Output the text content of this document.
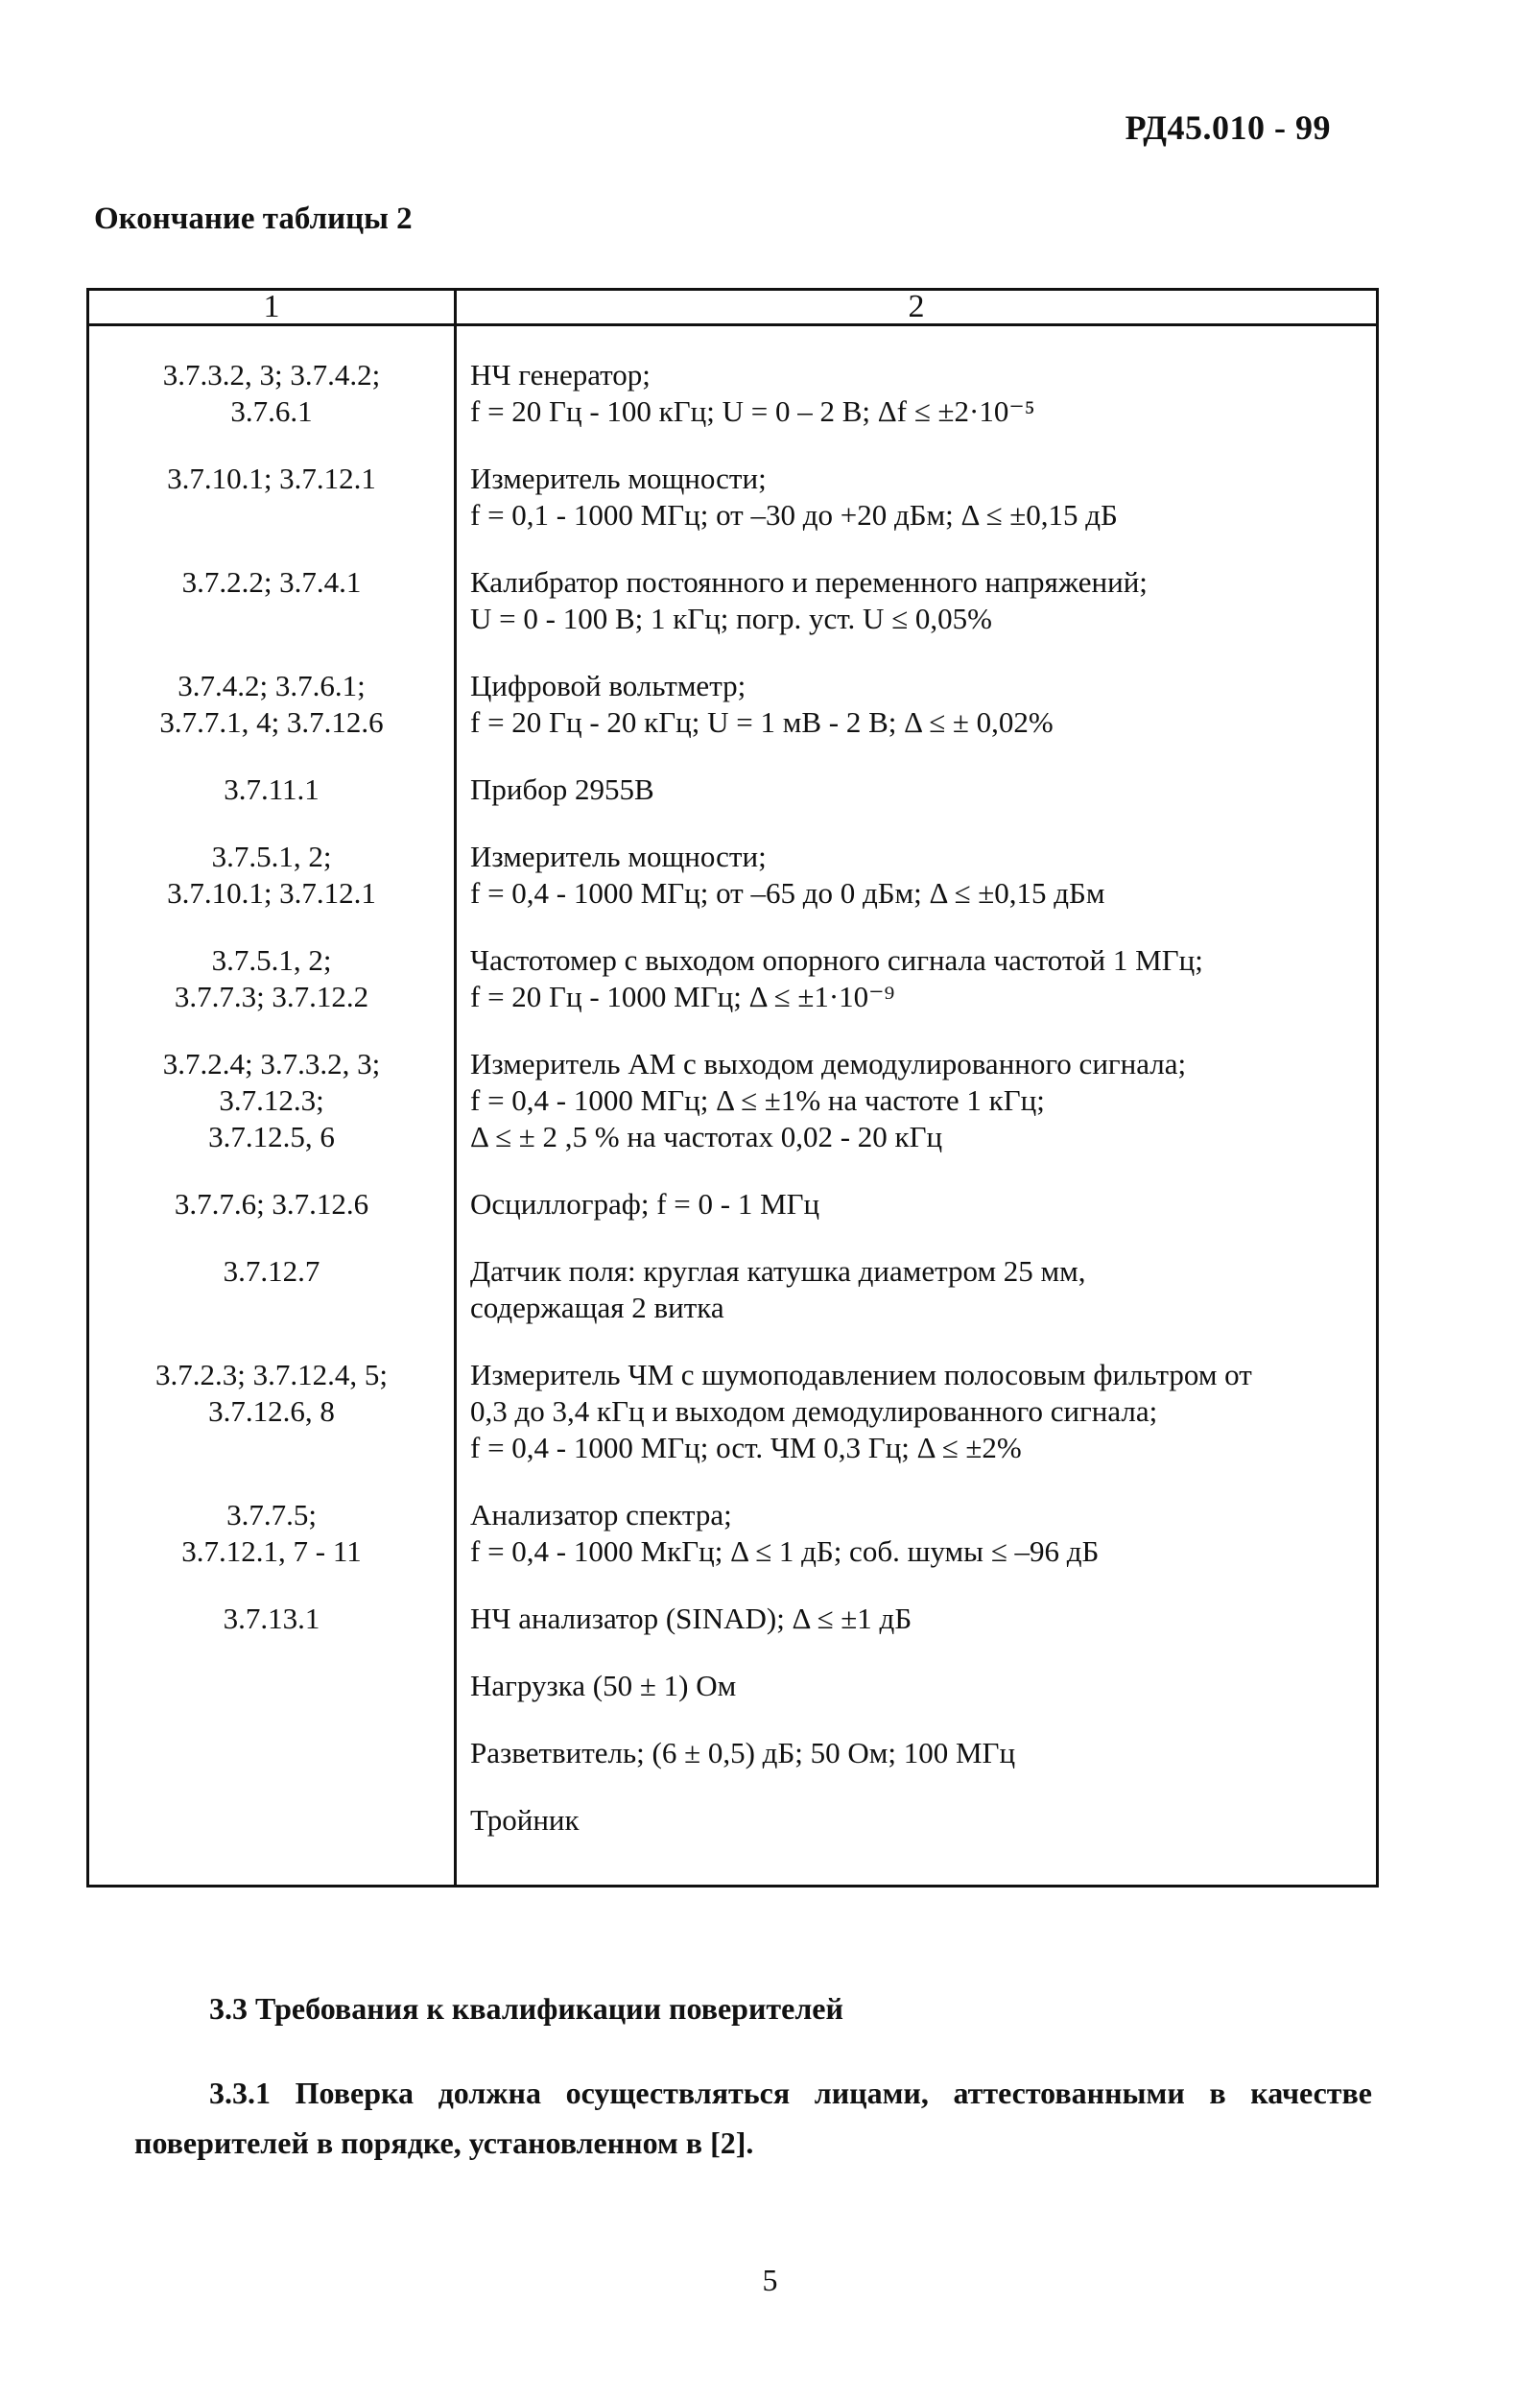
РД45.010 - 99
Окончание таблицы 2
1	2

3.7.3.2, 3; 3.7.4.2;
3.7.6.1	НЧ генератор;
f = 20 Гц - 100 кГц; U = 0 – 2 В; Δf ≤ ±2·10⁻⁵

3.7.10.1; 3.7.12.1	Измеритель мощности;
f = 0,1 - 1000 МГц; от –30 до +20 дБм; Δ ≤ ±0,15 дБ

3.7.2.2; 3.7.4.1	Калибратор постоянного и переменного напряжений;
U = 0 - 100 В; 1 кГц; погр. уст. U ≤ 0,05%

3.7.4.2; 3.7.6.1;
3.7.7.1, 4; 3.7.12.6	Цифровой вольтметр;
f = 20 Гц - 20 кГц; U = 1 мВ - 2 В; Δ ≤ ± 0,02%

3.7.11.1	Прибор 2955В

3.7.5.1, 2;
3.7.10.1; 3.7.12.1	Измеритель мощности;
f = 0,4 - 1000 МГц; от –65 до 0 дБм; Δ ≤ ±0,15 дБм

3.7.5.1, 2;
3.7.7.3; 3.7.12.2	Частотомер с выходом опорного сигнала частотой 1 МГц;
f = 20 Гц - 1000 МГц; Δ ≤ ±1·10⁻⁹

3.7.2.4; 3.7.3.2, 3;
3.7.12.3;
3.7.12.5, 6	Измеритель АМ с выходом демодулированного сигнала;
f = 0,4 - 1000 МГц; Δ ≤ ±1% на частоте 1 кГц;
Δ ≤ ± 2 ,5 % на частотах 0,02 - 20 кГц

3.7.7.6; 3.7.12.6	Осциллограф; f = 0 - 1 МГц

3.7.12.7	Датчик поля: круглая катушка диаметром 25 мм,
содержащая 2 витка

3.7.2.3; 3.7.12.4, 5;
3.7.12.6, 8	Измеритель ЧМ с шумоподавлением полосовым фильтром от
0,3 до 3,4 кГц и выходом демодулированного сигнала;
f = 0,4 - 1000 МГц; ост. ЧМ 0,3 Гц; Δ ≤ ±2%

3.7.7.5;
3.7.12.1, 7 - 11	Анализатор спектра;
f = 0,4 - 1000 МкГц; Δ ≤ 1 дБ; соб. шумы ≤ –96 дБ

3.7.13.1	НЧ анализатор (SINAD); Δ ≤ ±1 дБ

	Нагрузка (50 ± 1) Ом

	Разветвитель; (6 ± 0,5) дБ; 50 Ом; 100 МГц

	Тройник
3.3 Требования к квалификации поверителей
3.3.1 Поверка должна осуществляться лицами, аттестованными в качестве поверителей в порядке, установленном в [2].
5
